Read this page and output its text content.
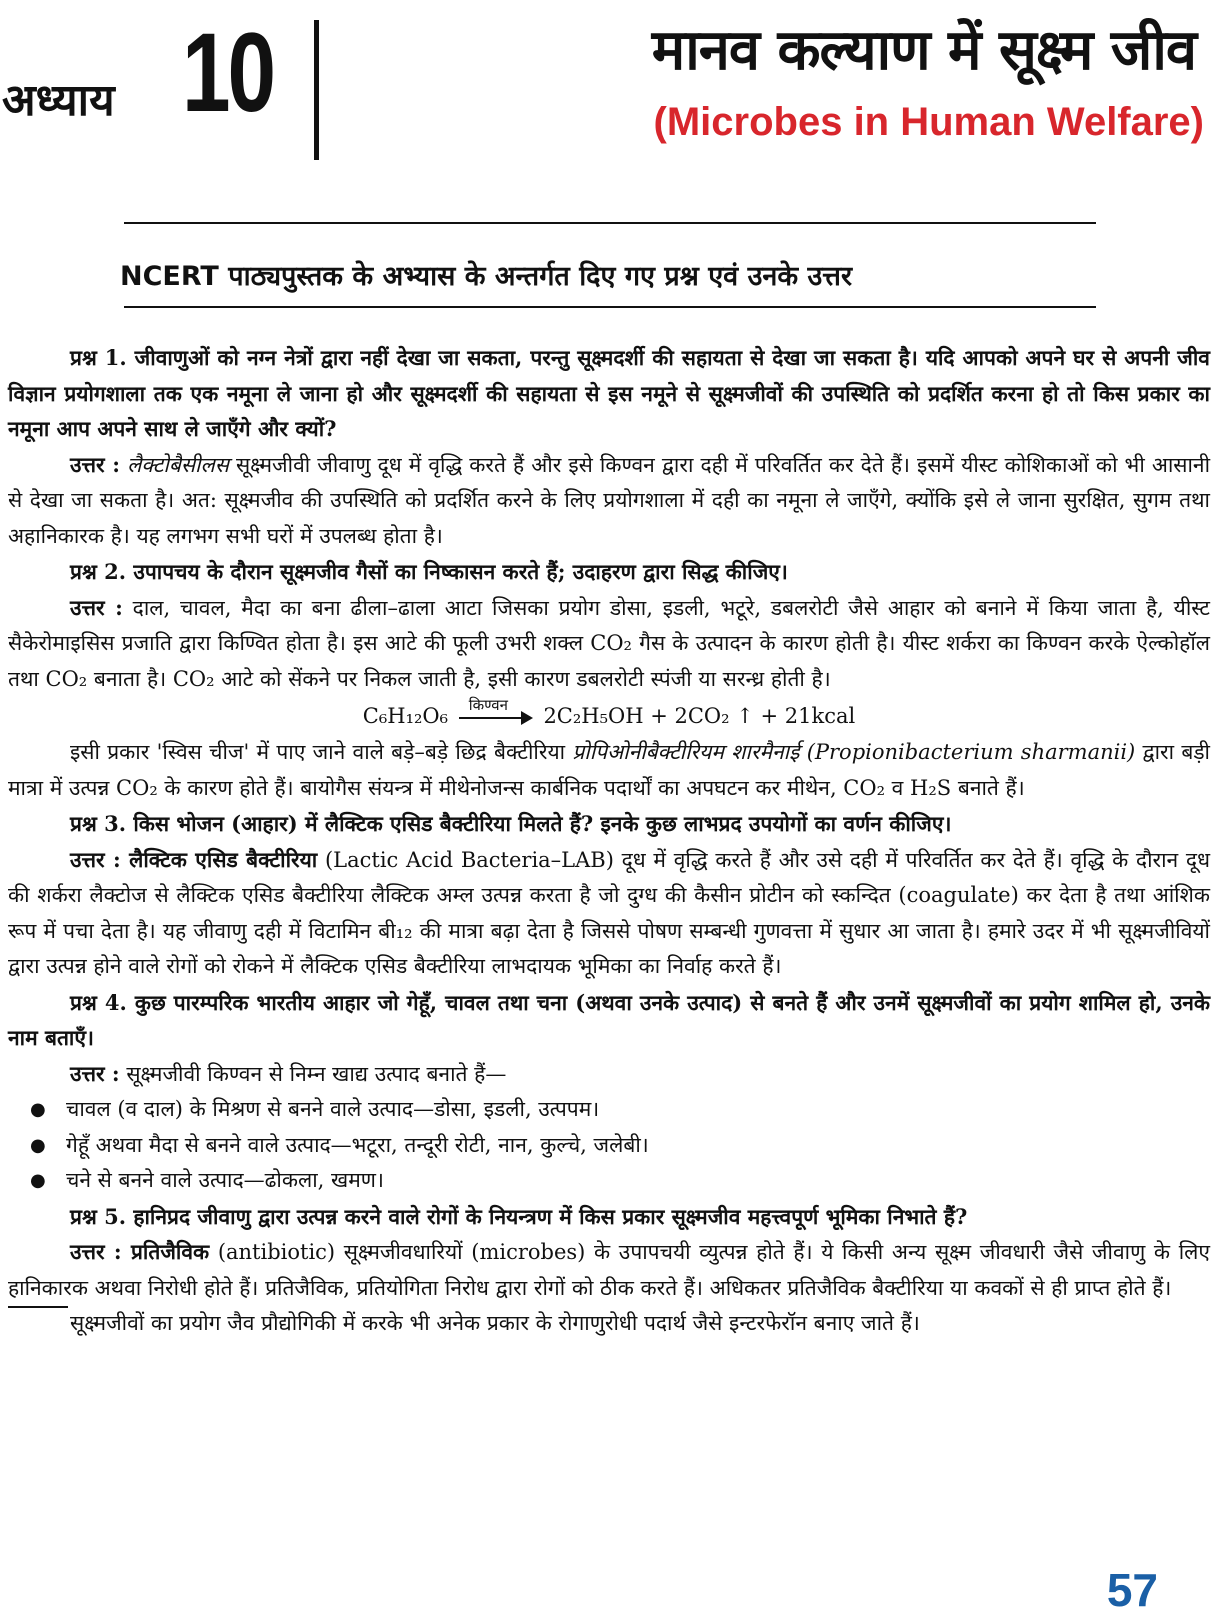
अध्याय 10	मानव कल्याण में सूक्ष्म जीव
(Microbes in Human Welfare)
NCERT पाठ्यपुस्तक के अभ्यास के अन्तर्गत दिए गए प्रश्न एवं उनके उत्तर

प्रश्न 1. जीवाणुओं को नग्न नेत्रों द्वारा नहीं देखा जा सकता, परन्तु सूक्ष्मदर्शी की सहायता से देखा जा सकता है। यदि आपको अपने घर से अपनी जीव विज्ञान प्रयोगशाला तक एक नमूना ले जाना हो और सूक्ष्मदर्शी की सहायता से इस नमूने से सूक्ष्मजीवों की उपस्थिति को प्रदर्शित करना हो तो किस प्रकार का नमूना आप अपने साथ ले जाएँगे और क्यों?

उत्तर : लैक्टोबैसीलस सूक्ष्मजीवी जीवाणु दूध में वृद्धि करते हैं और इसे किण्वन द्वारा दही में परिवर्तित कर देते हैं। इसमें यीस्ट कोशिकाओं को भी आसानी से देखा जा सकता है। अत: सूक्ष्मजीव की उपस्थिति को प्रदर्शित करने के लिए प्रयोगशाला में दही का नमूना ले जाएँगे, क्योंकि इसे ले जाना सुरक्षित, सुगम तथा अहानिकारक है। यह लगभग सभी घरों में उपलब्ध होता है।

प्रश्न 2. उपापचय के दौरान सूक्ष्मजीव गैसों का निष्कासन करते हैं; उदाहरण द्वारा सिद्ध कीजिए।

उत्तर : दाल, चावल, मैदा का बना ढीला–ढाला आटा जिसका प्रयोग डोसा, इडली, भटूरे, डबलरोटी जैसे आहार को बनाने में किया जाता है, यीस्ट सैकेरोमाइसिस प्रजाति द्वारा किण्वित होता है। इस आटे की फूली उभरी शक्ल CO₂ गैस के उत्पादन के कारण होती है। यीस्ट शर्करा का किण्वन करके ऐल्कोहॉल तथा CO₂ बनाता है। CO₂ आटे को सेंकने पर निकल जाती है, इसी कारण डबलरोटी स्पंजी या सरन्ध्र होती है।

C₆H₁₂O₆ किण्वन 2C₂H₅OH + 2CO₂ ↑ + 21kcal

इसी प्रकार 'स्विस चीज' में पाए जाने वाले बड़े–बड़े छिद्र बैक्टीरिया प्रोपिओनीबैक्टीरियम शारमैनाई (Propionibacterium sharmanii) द्वारा बड़ी मात्रा में उत्पन्न CO₂ के कारण होते हैं। बायोगैस संयन्त्र में मीथेनोजन्स कार्बनिक पदार्थों का अपघटन कर मीथेन, CO₂ व H₂S बनाते हैं।

प्रश्न 3. किस भोजन (आहार) में लैक्टिक एसिड बैक्टीरिया मिलते हैं? इनके कुछ लाभप्रद उपयोगों का वर्णन कीजिए।

उत्तर : लैक्टिक एसिड बैक्टीरिया (Lactic Acid Bacteria–LAB) दूध में वृद्धि करते हैं और उसे दही में परिवर्तित कर देते हैं। वृद्धि के दौरान दूध की शर्करा लैक्टोज से लैक्टिक एसिड बैक्टीरिया लैक्टिक अम्ल उत्पन्न करता है जो दुग्ध की कैसीन प्रोटीन को स्कन्दित (coagulate) कर देता है तथा आंशिक रूप में पचा देता है। यह जीवाणु दही में विटामिन बी₁₂ की मात्रा बढ़ा देता है जिससे पोषण सम्बन्धी गुणवत्ता में सुधार आ जाता है। हमारे उदर में भी सूक्ष्मजीवियों द्वारा उत्पन्न होने वाले रोगों को रोकने में लैक्टिक एसिड बैक्टीरिया लाभदायक भूमिका का निर्वाह करते हैं।

प्रश्न 4. कुछ पारम्परिक भारतीय आहार जो गेहूँ, चावल तथा चना (अथवा उनके उत्पाद) से बनते हैं और उनमें सूक्ष्मजीवों का प्रयोग शामिल हो, उनके नाम बताएँ।

उत्तर : सूक्ष्मजीवी किण्वन से निम्न खाद्य उत्पाद बनाते हैं—

● चावल (व दाल) के मिश्रण से बनने वाले उत्पाद—डोसा, इडली, उत्पपम।

● गेहूँ अथवा मैदा से बनने वाले उत्पाद—भटूरा, तन्दूरी रोटी, नान, कुल्चे, जलेबी।

● चने से बनने वाले उत्पाद—ढोकला, खमण।

प्रश्न 5. हानिप्रद जीवाणु द्वारा उत्पन्न करने वाले रोगों के नियन्त्रण में किस प्रकार सूक्ष्मजीव महत्त्वपूर्ण भूमिका निभाते हैं?

उत्तर : प्रतिजैविक (antibiotic) सूक्ष्मजीवधारियों (microbes) के उपापचयी व्युत्पन्न होते हैं। ये किसी अन्य सूक्ष्म जीवधारी जैसे जीवाणु के लिए हानिकारक अथवा निरोधी होते हैं। प्रतिजैविक, प्रतियोगिता निरोध द्वारा रोगों को ठीक करते हैं। अधिकतर प्रतिजैविक बैक्टीरिया या कवकों से ही प्राप्त होते हैं।

सूक्ष्मजीवों का प्रयोग जैव प्रौद्योगिकी में करके भी अनेक प्रकार के रोगाणुरोधी पदार्थ जैसे इन्टरफेरॉन बनाए जाते हैं।

57
